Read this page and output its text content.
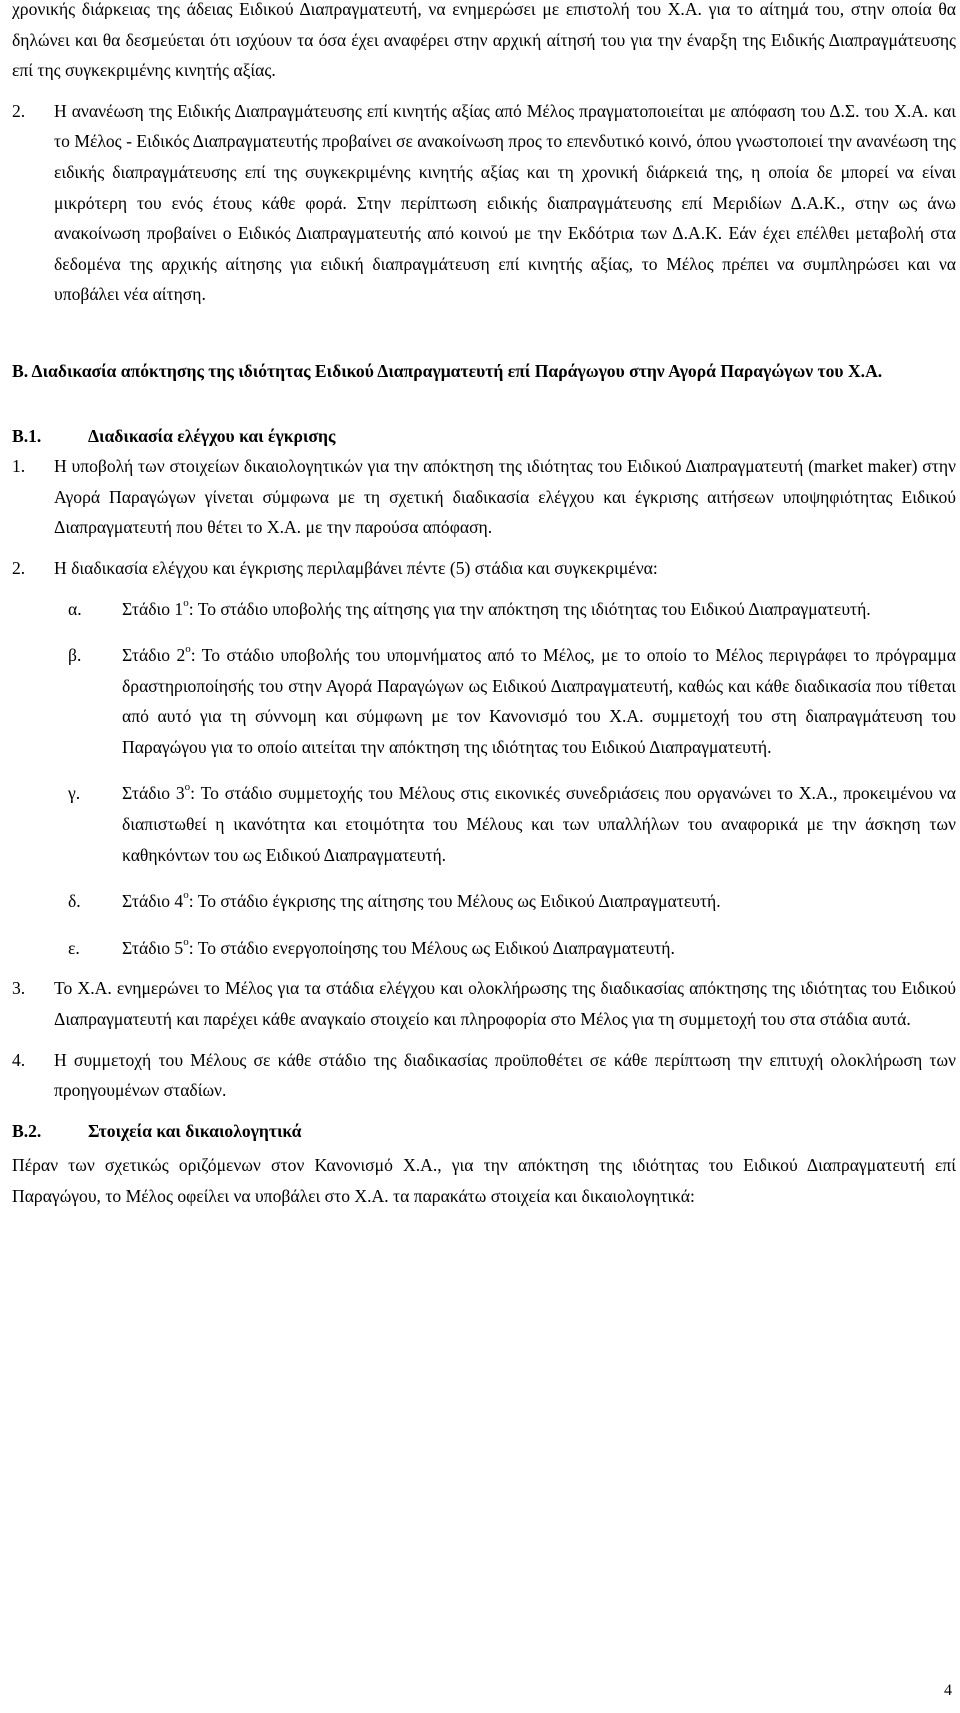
χρονικής διάρκειας της άδειας Ειδικού Διαπραγματευτή, να ενημερώσει με επιστολή του Χ.Α. για το αίτημά του, στην οποία θα δηλώνει και θα δεσμεύεται ότι ισχύουν τα όσα έχει αναφέρει στην αρχική αίτησή του για την έναρξη της Ειδικής Διαπραγμάτευσης επί της συγκεκριμένης κινητής αξίας.

2.	Η ανανέωση της Ειδικής Διαπραγμάτευσης επί κινητής αξίας από Μέλος πραγματοποιείται με απόφαση του Δ.Σ. του Χ.Α. και το Μέλος - Ειδικός Διαπραγματευτής προβαίνει σε ανακοίνωση προς το επενδυτικό κοινό, όπου γνωστοποιεί την ανανέωση της ειδικής διαπραγμάτευσης επί της συγκεκριμένης κινητής αξίας και τη χρονική διάρκειά της, η οποία δε μπορεί να είναι μικρότερη του ενός έτους κάθε φορά. Στην περίπτωση ειδικής διαπραγμάτευσης επί Μεριδίων Δ.Α.Κ., στην ως άνω ανακοίνωση προβαίνει ο Ειδικός Διαπραγματευτής από κοινού με την Εκδότρια των Δ.Α.Κ. Εάν έχει επέλθει μεταβολή στα δεδομένα της αρχικής αίτησης για ειδική διαπραγμάτευση επί κινητής αξίας, το Μέλος πρέπει να συμπληρώσει και να υποβάλει νέα αίτηση.

Β. Διαδικασία απόκτησης της ιδιότητας Ειδικού Διαπραγματευτή επί Παράγωγου στην Αγορά Παραγώγων του Χ.Α.

Β.1.	Διαδικασία ελέγχου και έγκρισης
1.	Η υποβολή των στοιχείων δικαιολογητικών για την απόκτηση της ιδιότητας του Ειδικού Διαπραγματευτή (market maker) στην Αγορά Παραγώγων γίνεται σύμφωνα με τη σχετική διαδικασία ελέγχου και έγκρισης αιτήσεων υποψηφιότητας Ειδικού Διαπραγματευτή που θέτει το Χ.Α. με την παρούσα απόφαση.

2.	Η διαδικασία ελέγχου και έγκρισης περιλαμβάνει πέντε (5) στάδια και συγκεκριμένα:

α.	Στάδιο $1^o$: Το στάδιο υποβολής της αίτησης για την απόκτηση της ιδιότητας του Ειδικού Διαπραγματευτή.

β.	Στάδιο $2^o$: Το στάδιο υποβολής του υπομνήματος από το Μέλος, με το οποίο το Μέλος περιγράφει το πρόγραμμα δραστηριοποίησής του στην Αγορά Παραγώγων ως Ειδικού Διαπραγματευτή, καθώς και κάθε διαδικασία που τίθεται από αυτό για τη σύννομη και σύμφωνη με τον Κανονισμό του Χ.Α. συμμετοχή του στη διαπραγμάτευση του Παραγώγου για το οποίο αιτείται την απόκτηση της ιδιότητας του Ειδικού Διαπραγματευτή.

γ.	Στάδιο $3^o$: Το στάδιο συμμετοχής του Μέλους στις εικονικές συνεδριάσεις που οργανώνει το Χ.Α., προκειμένου να διαπιστωθεί η ικανότητα και ετοιμότητα του Μέλους και των υπαλλήλων του αναφορικά με την άσκηση των καθηκόντων του ως Ειδικού Διαπραγματευτή.

δ.	Στάδιο $4^o$: Το στάδιο έγκρισης της αίτησης του Μέλους ως Ειδικού Διαπραγματευτή.

ε.	Στάδιο $5^o$: Το στάδιο ενεργοποίησης του Μέλους ως Ειδικού Διαπραγματευτή.

3.	Το Χ.Α. ενημερώνει το Μέλος για τα στάδια ελέγχου και ολοκλήρωσης της διαδικασίας απόκτησης της ιδιότητας του Ειδικού Διαπραγματευτή και παρέχει κάθε αναγκαίο στοιχείο και πληροφορία στο Μέλος για τη συμμετοχή του στα στάδια αυτά.

4.	Η συμμετοχή του Μέλους σε κάθε στάδιο της διαδικασίας προϋποθέτει σε κάθε περίπτωση την επιτυχή ολοκλήρωση των προηγουμένων σταδίων.

Β.2.	Στοιχεία και δικαιολογητικά

Πέραν των σχετικώς οριζόμενων στον Κανονισμό Χ.Α., για την απόκτηση της ιδιότητας του Ειδικού Διαπραγματευτή επί Παραγώγου, το Μέλος οφείλει να υποβάλει στο Χ.Α. τα παρακάτω στοιχεία και δικαιολογητικά:

4
